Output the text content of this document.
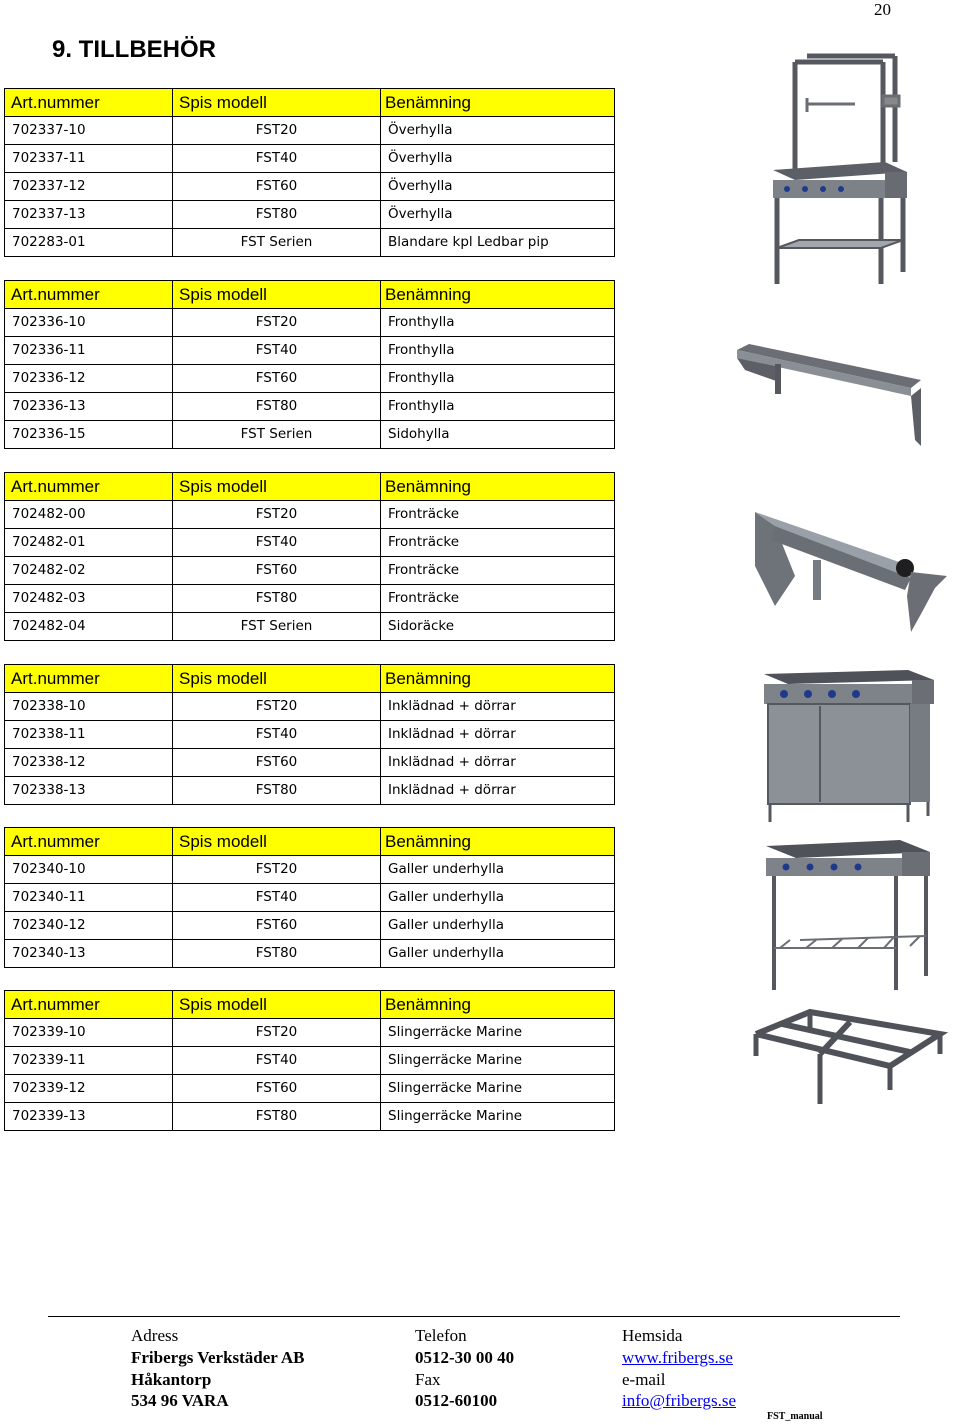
20
9. TILLBEHÖR
Art.nummer	Spis modell	Benämning
702337-10	FST20	Överhylla
702337-11	FST40	Överhylla
702337-12	FST60	Överhylla
702337-13	FST80	Överhylla
702283-01	FST Serien	Blandare kpl Ledbar pip
Art.nummer	Spis modell	Benämning
702336-10	FST20	Fronthylla
702336-11	FST40	Fronthylla
702336-12	FST60	Fronthylla
702336-13	FST80	Fronthylla
702336-15	FST Serien	Sidohylla
Art.nummer	Spis modell	Benämning
702482-00	FST20	Fronträcke
702482-01	FST40	Fronträcke
702482-02	FST60	Fronträcke
702482-03	FST80	Fronträcke
702482-04	FST Serien	Sidoräcke
Art.nummer	Spis modell	Benämning
702338-10	FST20	Inklädnad + dörrar
702338-11	FST40	Inklädnad + dörrar
702338-12	FST60	Inklädnad + dörrar
702338-13	FST80	Inklädnad + dörrar
Art.nummer	Spis modell	Benämning
702340-10	FST20	Galler underhylla
702340-11	FST40	Galler underhylla
702340-12	FST60	Galler underhylla
702340-13	FST80	Galler underhylla
Art.nummer	Spis modell	Benämning
702339-10	FST20	Slingerräcke Marine
702339-11	FST40	Slingerräcke Marine
702339-12	FST60	Slingerräcke Marine
702339-13	FST80	Slingerräcke Marine
Adress
Fribergs Verkstäder AB
Håkantorp
534 96 VARA
Telefon
0512-30 00 40
Fax
0512-60100
Hemsida
www.fribergs.se
e-mail
info@fribergs.se
FST_manual
